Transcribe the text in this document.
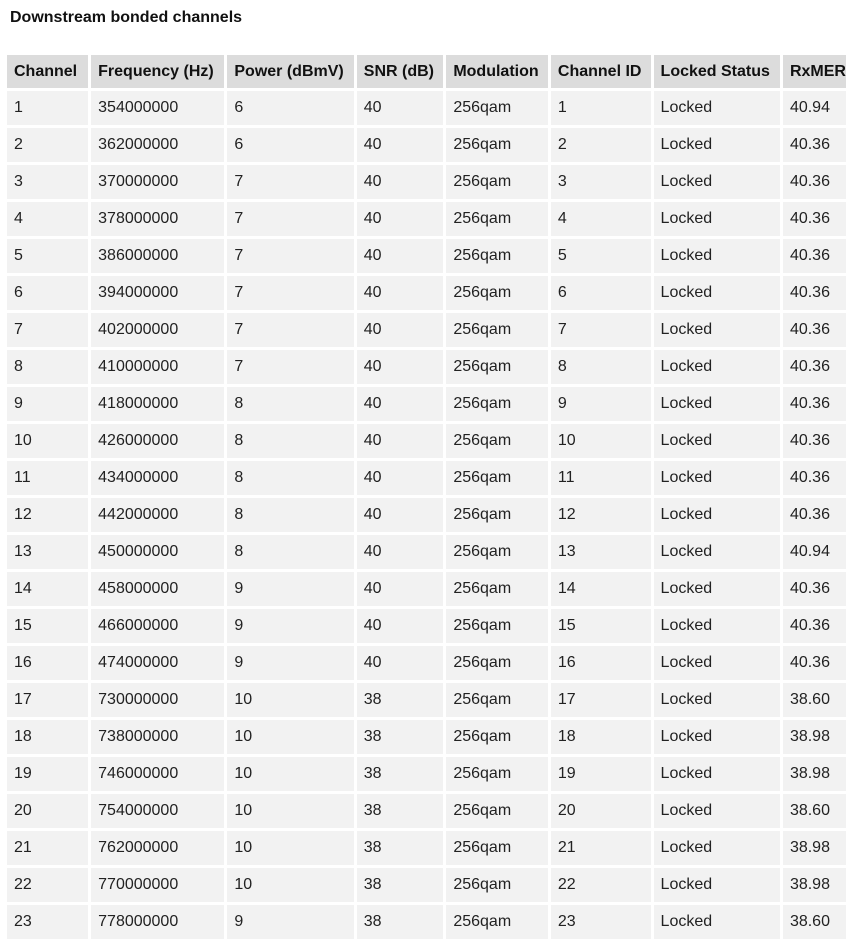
Downstream bonded channels
Channel	Frequency (Hz)	Power (dBmV)	SNR (dB)	Modulation	Channel ID	Locked Status	RxMER
1	354000000	6	40	256qam	1	Locked	40.94
2	362000000	6	40	256qam	2	Locked	40.36
3	370000000	7	40	256qam	3	Locked	40.36
4	378000000	7	40	256qam	4	Locked	40.36
5	386000000	7	40	256qam	5	Locked	40.36
6	394000000	7	40	256qam	6	Locked	40.36
7	402000000	7	40	256qam	7	Locked	40.36
8	410000000	7	40	256qam	8	Locked	40.36
9	418000000	8	40	256qam	9	Locked	40.36
10	426000000	8	40	256qam	10	Locked	40.36
11	434000000	8	40	256qam	11	Locked	40.36
12	442000000	8	40	256qam	12	Locked	40.36
13	450000000	8	40	256qam	13	Locked	40.94
14	458000000	9	40	256qam	14	Locked	40.36
15	466000000	9	40	256qam	15	Locked	40.36
16	474000000	9	40	256qam	16	Locked	40.36
17	730000000	10	38	256qam	17	Locked	38.60
18	738000000	10	38	256qam	18	Locked	38.98
19	746000000	10	38	256qam	19	Locked	38.98
20	754000000	10	38	256qam	20	Locked	38.60
21	762000000	10	38	256qam	21	Locked	38.98
22	770000000	10	38	256qam	22	Locked	38.98
23	778000000	9	38	256qam	23	Locked	38.60
